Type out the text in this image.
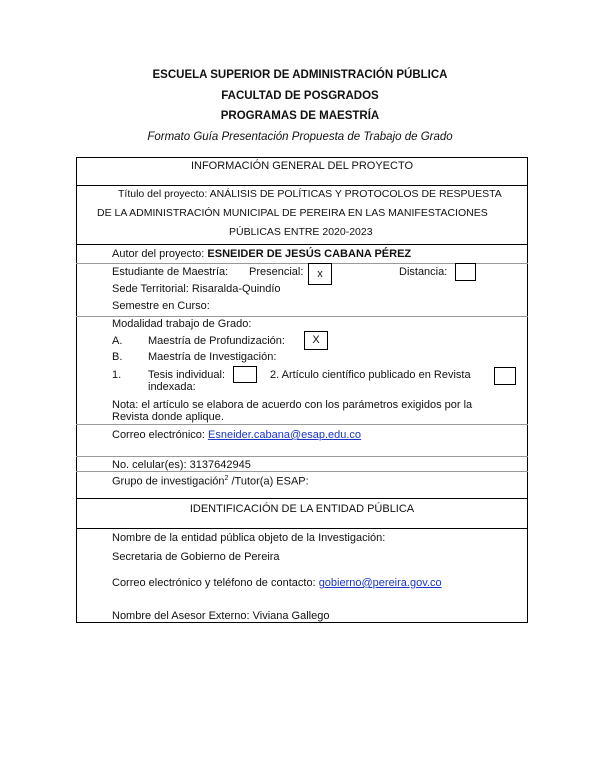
ESCUELA SUPERIOR DE ADMINISTRACIÓN PÚBLICA
FACULTAD DE POSGRADOS
PROGRAMAS DE MAESTRÍA
Formato Guía Presentación Propuesta de Trabajo de Grado
INFORMACIÓN GENERAL DEL PROYECTO
Título del proyecto: ANÁLISIS DE POLÍTICAS Y PROTOCOLOS DE RESPUESTA
DE LA ADMINISTRACIÓN MUNICIPAL DE PEREIRA EN LAS MANIFESTACIONES
PÚBLICAS ENTRE 2020-2023
Autor del proyecto: ESNEIDER DE JESÚS CABANA PÉREZ
Estudiante de Maestría: Presencial:	x	Distancia:
Sede Territorial: Risaralda-Quindío
Semestre en Curso:
Modalidad trabajo de Grado:
A. Maestría de Profundización:	X
B. Maestría de Investigación:
1. Tesis individual:	2. Artículo científico publicado en Revista
indexada:
Nota: el artículo se elabora de acuerdo con los parámetros exigidos por la
Revista donde aplique.
Correo electrónico: Esneider.cabana@esap.edu.co
No. celular(es): 3137642945
Grupo de investigación$^2$ /Tutor(a) ESAP:
IDENTIFICACIÓN DE LA ENTIDAD PÚBLICA
Nombre de la entidad pública objeto de la Investigación:
Secretaria de Gobierno de Pereira
Correo electrónico y teléfono de contacto: gobierno@pereira.gov.co
Nombre del Asesor Externo: Viviana Gallego
